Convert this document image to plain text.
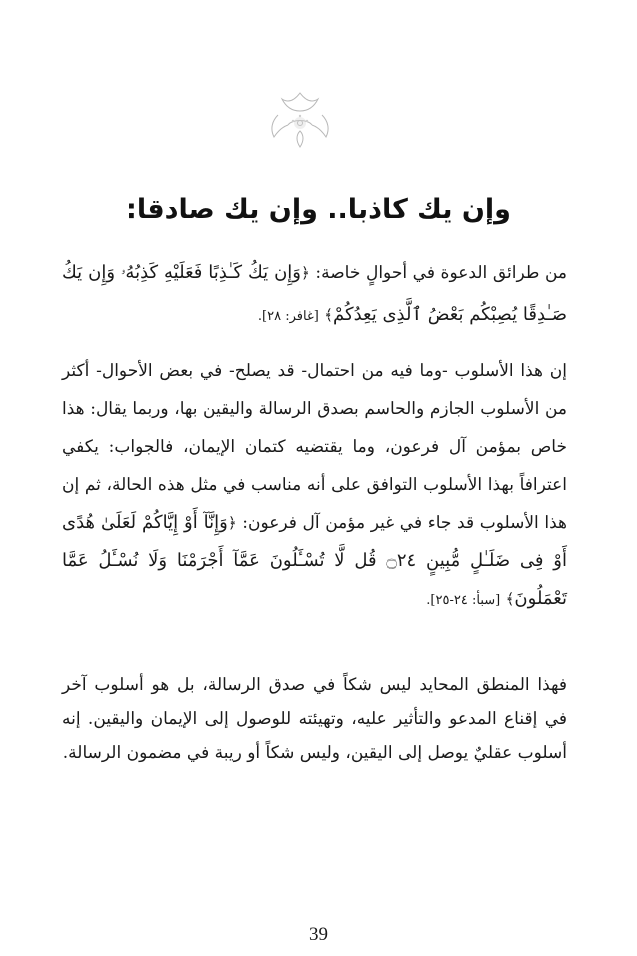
وإن يك كاذبا.. وإن يك صادقا:

من طرائق الدعوة في أحوالٍ خاصة: ﴿وَإِن يَكُ كَـٰذِبًا فَعَلَيْهِ كَذِبُهُۥ وَإِن يَكُ صَـٰدِقًا يُصِبْكُم بَعْضُ ٱلَّذِى يَعِدُكُمْ﴾ [غافر: ٢٨].

إن هذا الأسلوب -وما فيه من احتمال- قد يصلح- في بعض الأحوال- أكثر من الأسلوب الجازم والحاسم بصدق الرسالة واليقين بها، وربما يقال: هذا خاص بمؤمن آل فرعون، وما يقتضيه كتمان الإيمان، فالجواب: يكفي اعترافاً بهذا الأسلوب التوافق على أنه مناسب في مثل هذه الحالة، ثم إن هذا الأسلوب قد جاء في غير مؤمن آل فرعون: ﴿وَإِنَّآ أَوْ إِيَّاكُمْ لَعَلَىٰ هُدًى أَوْ فِى ضَلَـٰلٍ مُّبِينٍ ۝٢٤ قُل لَّا تُسْـَٔلُونَ عَمَّآ أَجْرَمْنَا وَلَا نُسْـَٔلُ عَمَّا تَعْمَلُونَ﴾ [سبأ: ٢٤-٢٥].

فهذا المنطق المحايد ليس شكاً في صدق الرسالة، بل هو أسلوب آخر في إقناع المدعو والتأثير عليه، وتهيئته للوصول إلى الإيمان واليقين. إنه أسلوب عقليٌ يوصل إلى اليقين، وليس شكاً أو ريبة في مضمون الرسالة.

39
